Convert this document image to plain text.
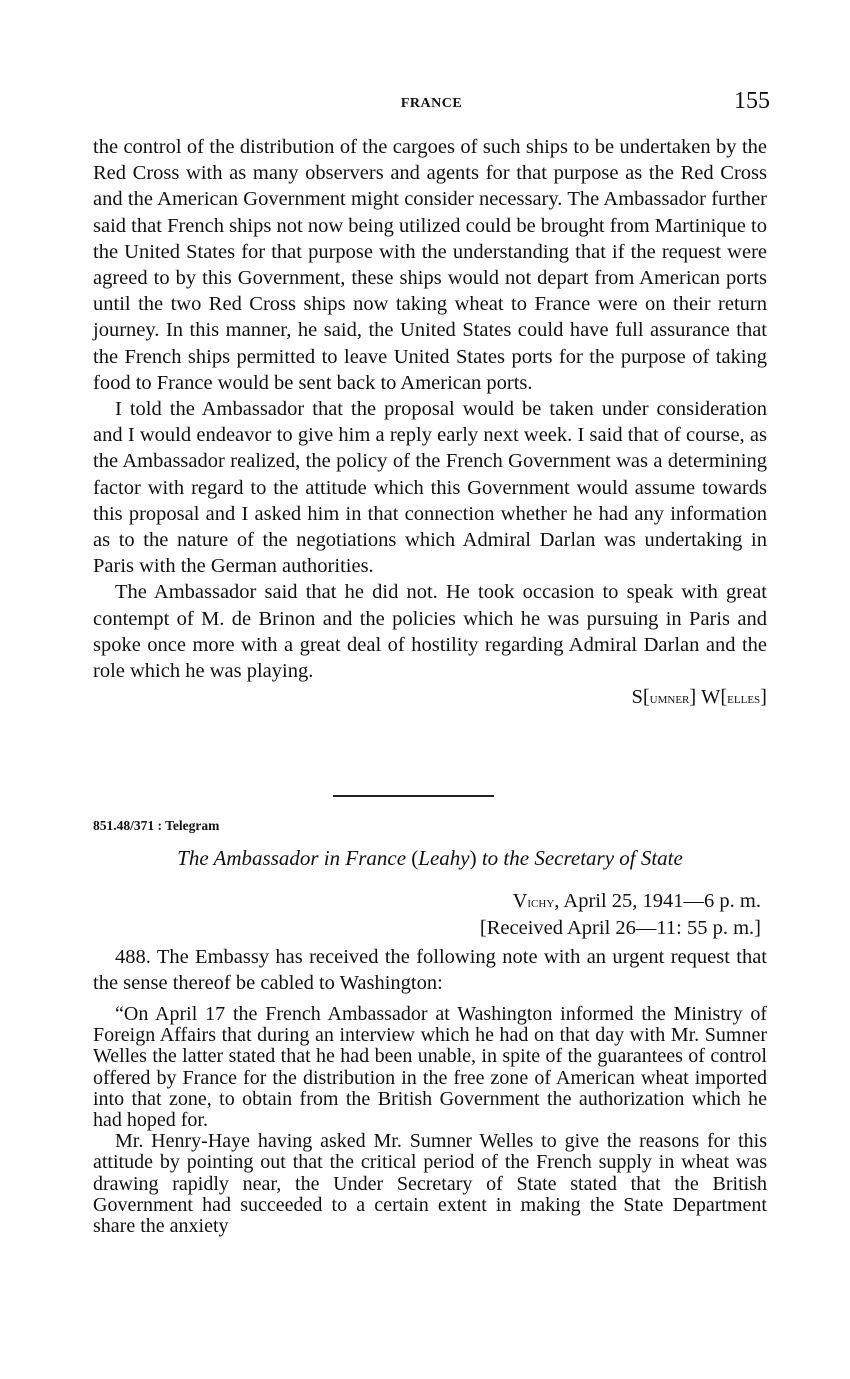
FRANCE	155

the control of the distribution of the cargoes of such ships to be undertaken by the Red Cross with as many observers and agents for that purpose as the Red Cross and the American Government might consider necessary. The Ambassador further said that French ships not now being utilized could be brought from Martinique to the United States for that purpose with the understanding that if the request were agreed to by this Government, these ships would not depart from American ports until the two Red Cross ships now taking wheat to France were on their return journey. In this manner, he said, the United States could have full assurance that the French ships permitted to leave United States ports for the purpose of taking food to France would be sent back to American ports.

I told the Ambassador that the proposal would be taken under consideration and I would endeavor to give him a reply early next week. I said that of course, as the Ambassador realized, the policy of the French Government was a determining factor with regard to the attitude which this Government would assume towards this proposal and I asked him in that connection whether he had any information as to the nature of the negotiations which Admiral Darlan was undertaking in Paris with the German authorities.

The Ambassador said that he did not. He took occasion to speak with great contempt of M. de Brinon and the policies which he was pursuing in Paris and spoke once more with a great deal of hostility regarding Admiral Darlan and the role which he was playing.

S[umner] W[elles]
851.48/371 : Telegram
The Ambassador in France (Leahy) to the Secretary of State
Vichy, April 25, 1941—6 p. m.
[Received April 26—11: 55 p. m.]

488. The Embassy has received the following note with an urgent request that the sense thereof be cabled to Washington:

“On April 17 the French Ambassador at Washington informed the Ministry of Foreign Affairs that during an interview which he had on that day with Mr. Sumner Welles the latter stated that he had been unable, in spite of the guarantees of control offered by France for the distribution in the free zone of American wheat imported into that zone, to obtain from the British Government the authorization which he had hoped for.

Mr. Henry-Haye having asked Mr. Sumner Welles to give the reasons for this attitude by pointing out that the critical period of the French supply in wheat was drawing rapidly near, the Under Secretary of State stated that the British Government had succeeded to a certain extent in making the State Department share the anxiety
